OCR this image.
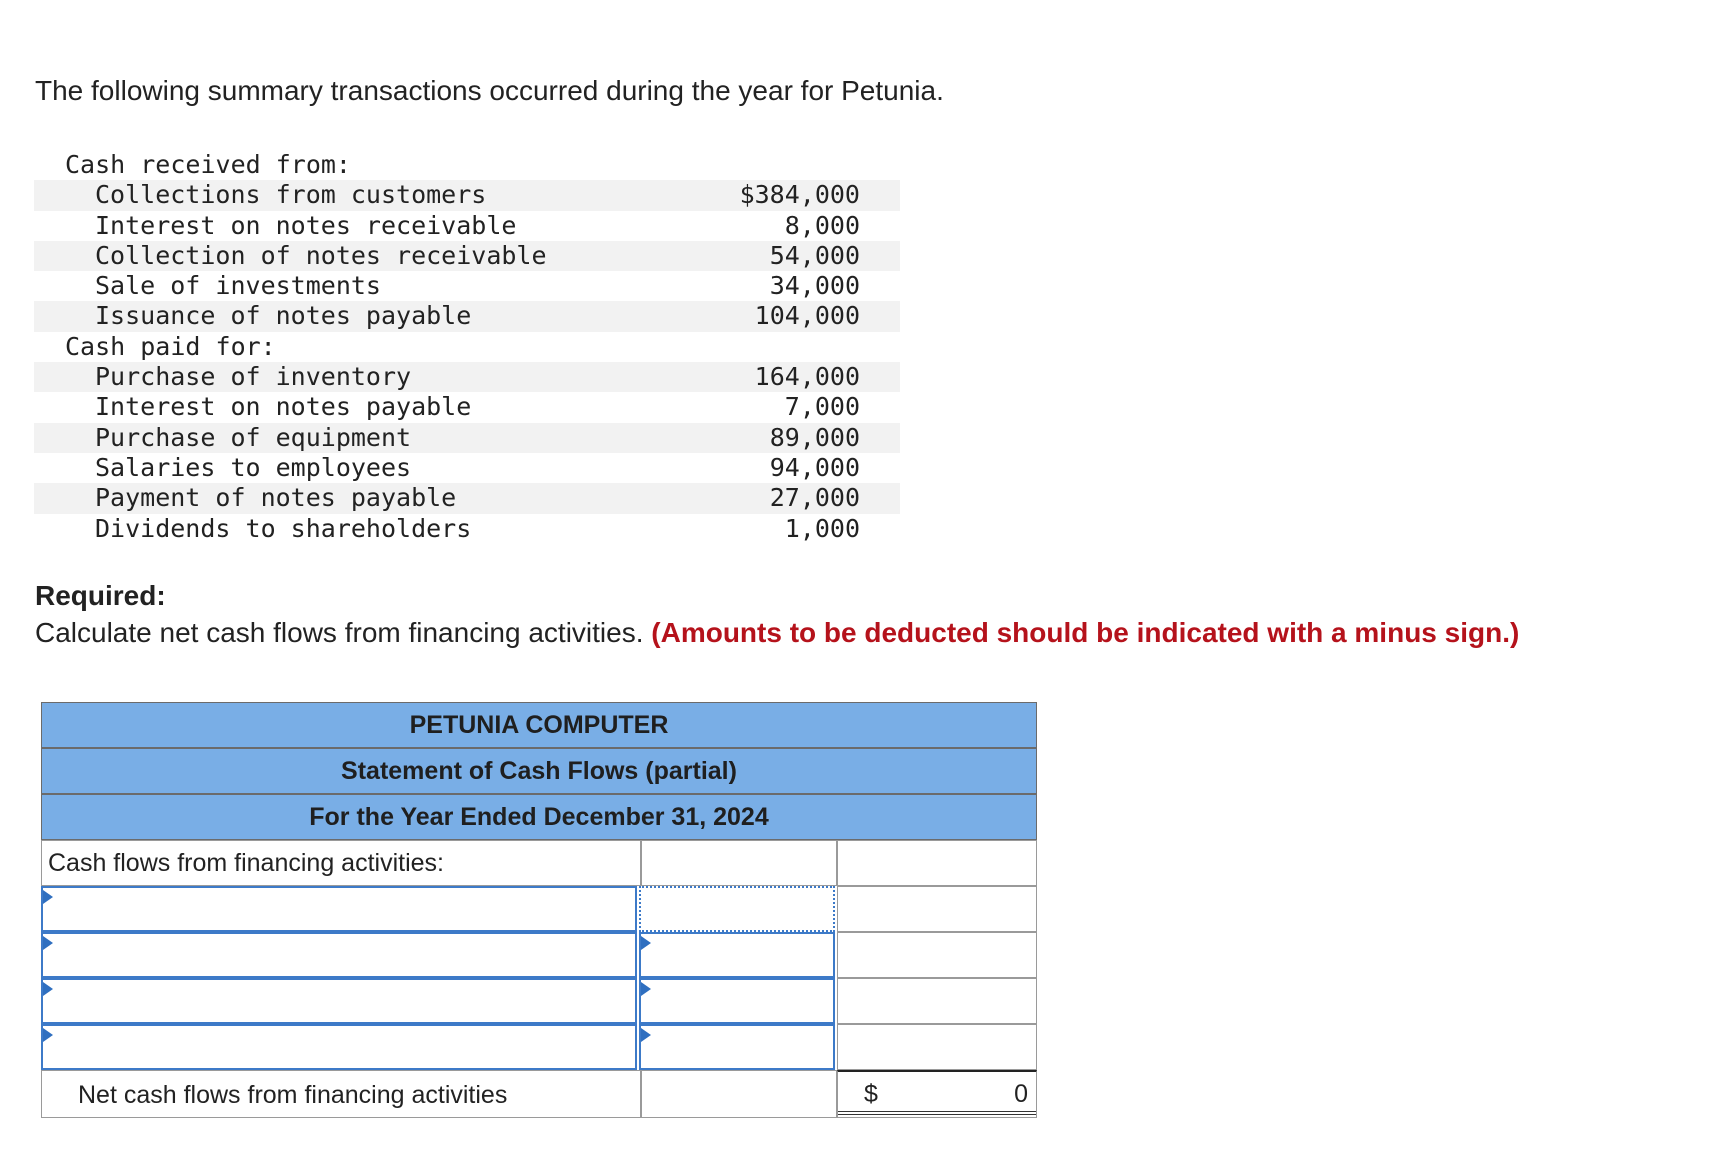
The following summary transactions occurred during the year for Petunia.
Cash received from:
Collections from customers	$384,000
Interest on notes receivable	8,000
Collection of notes receivable	54,000
Sale of investments	34,000
Issuance of notes payable	104,000
Cash paid for:
Purchase of inventory	164,000
Interest on notes payable	7,000
Purchase of equipment	89,000
Salaries to employees	94,000
Payment of notes payable	27,000
Dividends to shareholders	1,000
Required:
Calculate net cash flows from financing activities. (Amounts to be deducted should be indicated with a minus sign.)
PETUNIA COMPUTER
Statement of Cash Flows (partial)
For the Year Ended December 31, 2024
Cash flows from financing activities:
Net cash flows from financing activities	$	0
